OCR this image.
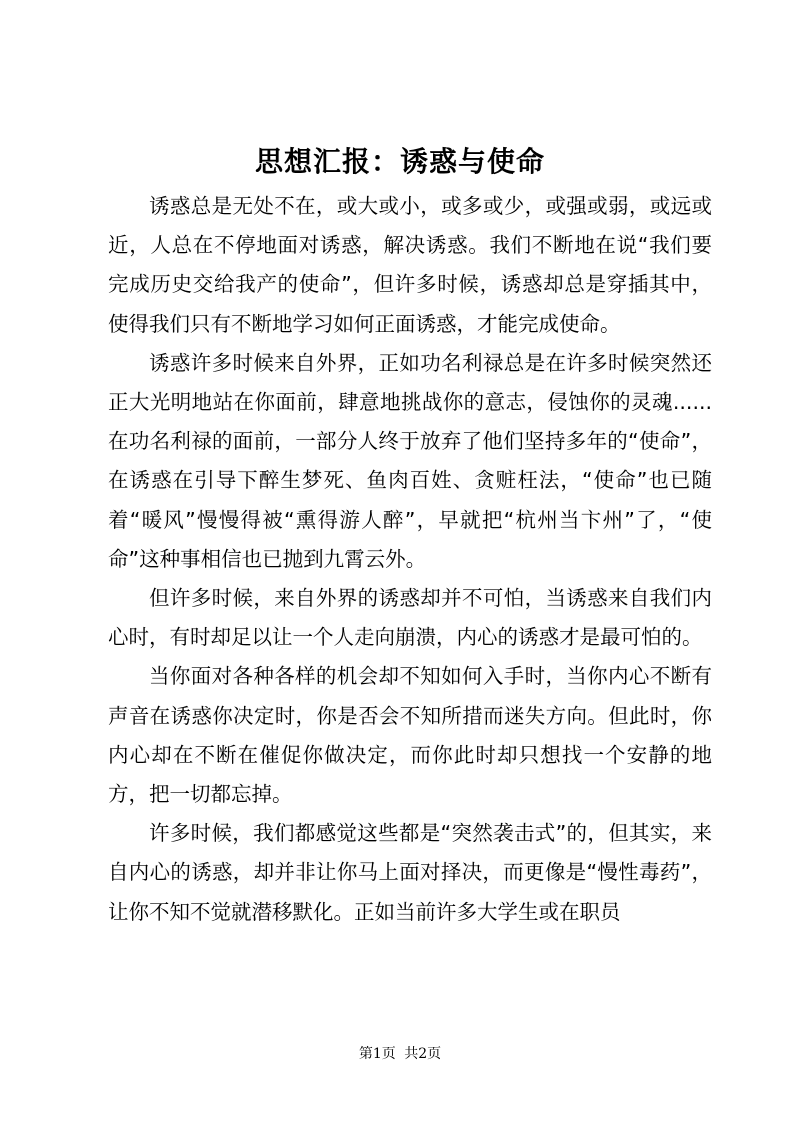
思想汇报：诱惑与使命

诱惑总是无处不在，或大或小，或多或少，或强或弱，或远或近，人总在不停地面对诱惑，解决诱惑。我们不断地在说“我们要完成历史交给我产的使命”，但许多时候，诱惑却总是穿插其中，使得我们只有不断地学习如何正面诱惑，才能完成使命。

诱惑许多时候来自外界，正如功名利禄总是在许多时候突然还正大光明地站在你面前，肆意地挑战你的意志，侵蚀你的灵魂......在功名利禄的面前，一部分人终于放弃了他们坚持多年的“使命”，在诱惑在引导下醉生梦死、鱼肉百姓、贪赃枉法，“使命”也已随着“暖风”慢慢得被“熏得游人醉”，早就把“杭州当卞州”了，“使命”这种事相信也已抛到九霄云外。

但许多时候，来自外界的诱惑却并不可怕，当诱惑来自我们内心时，有时却足以让一个人走向崩溃，内心的诱惑才是最可怕的。

当你面对各种各样的机会却不知如何入手时，当你内心不断有声音在诱惑你决定时，你是否会不知所措而迷失方向。但此时，你内心却在不断在催促你做决定，而你此时却只想找一个安静的地方，把一切都忘掉。

许多时候，我们都感觉这些都是“突然袭击式”的，但其实，来自内心的诱惑，却并非让你马上面对择决，而更像是“慢性毒药”，让你不知不觉就潜移默化。正如当前许多大学生或在职员

第1页 共2页
